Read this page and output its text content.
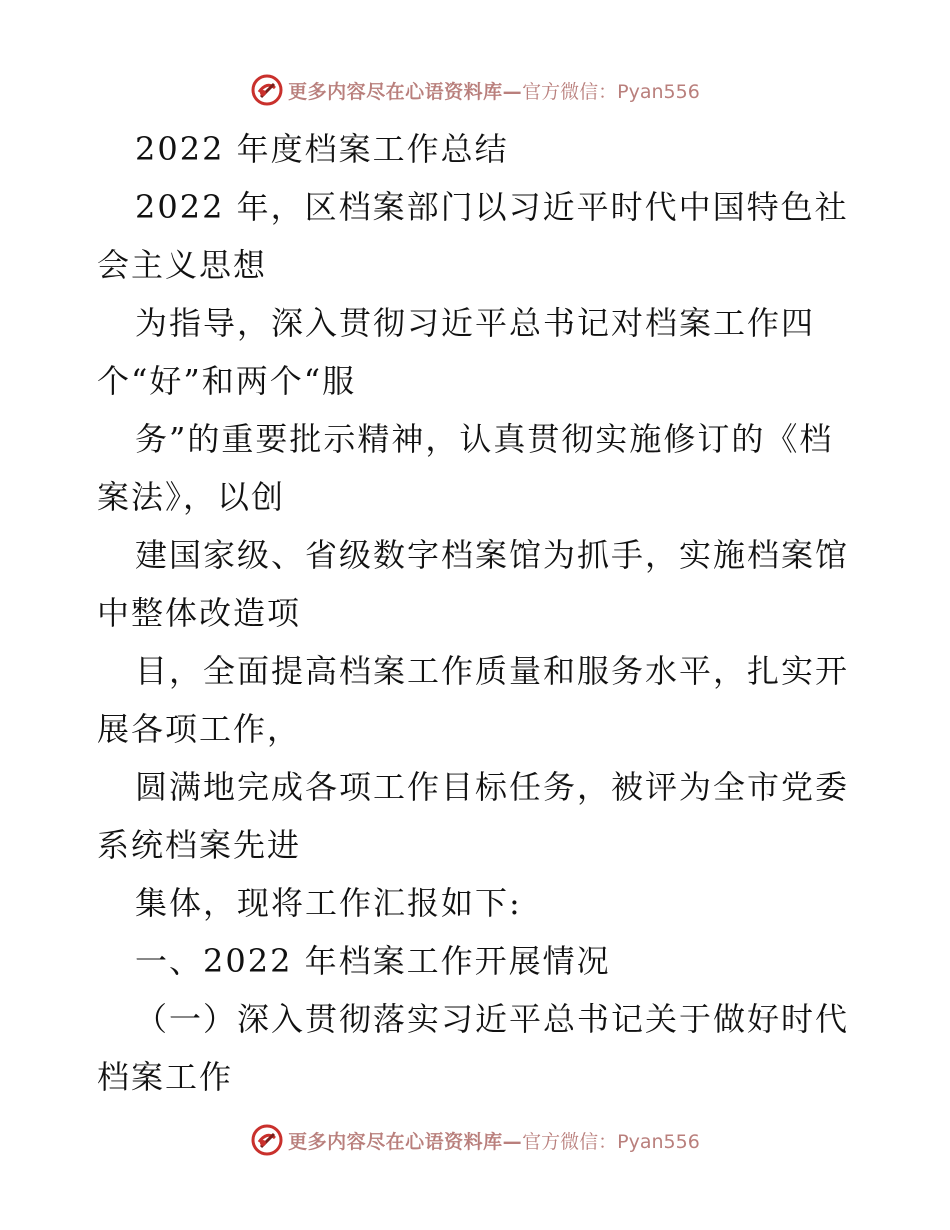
更多内容尽在心语资料库— 官方微信：Pyan556
2022 年度档案工作总结
2022 年，区档案部门以习近平时代中国特色社
会主义思想
为指导，深入贯彻习近平总书记对档案工作四
个“好”和两个“服
务”的重要批示精神，认真贯彻实施修订的《档
案法》，以创
建国家级、省级数字档案馆为抓手，实施档案馆
中整体改造项
目，全面提高档案工作质量和服务水平，扎实开
展各项工作，
圆满地完成各项工作目标任务，被评为全市党委
系统档案先进
集体，现将工作汇报如下:
一、2022 年档案工作开展情况
（一）深入贯彻落实习近平总书记关于做好时代
档案工作
更多内容尽在心语资料库— 官方微信：Pyan556
